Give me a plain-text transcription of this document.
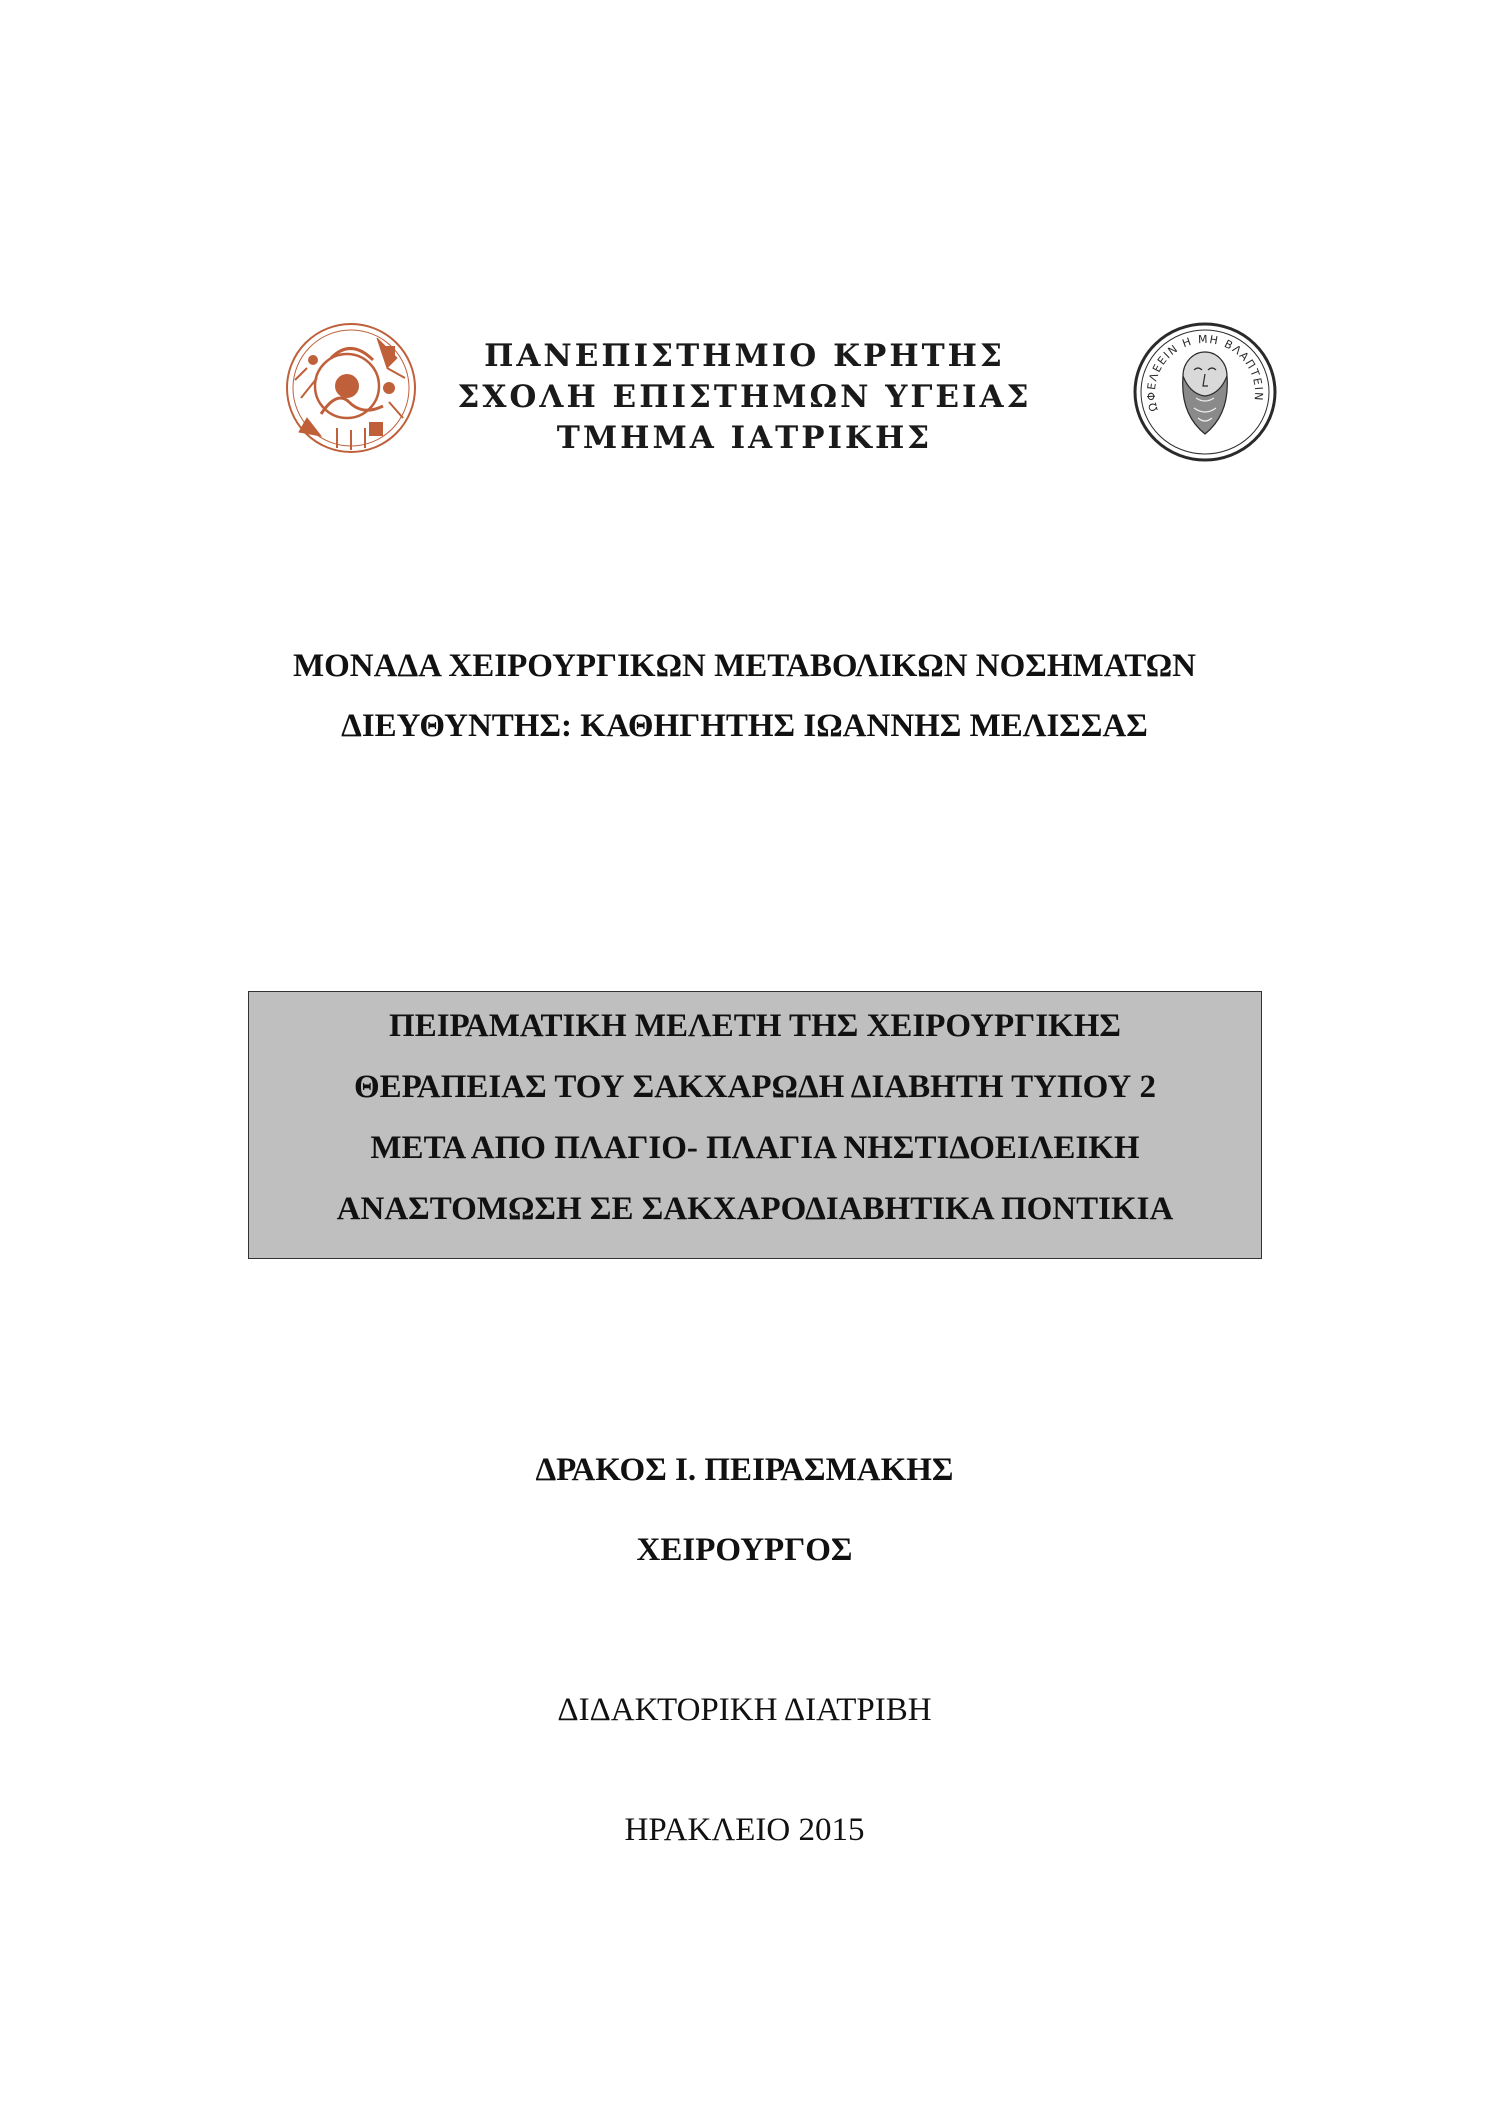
ΠΑΝΕΠΙΣΤΗΜΙΟ ΚΡΗΤΗΣ
ΣΧΟΛΗ ΕΠΙΣΤΗΜΩΝ ΥΓΕΙΑΣ
ΤΜΗΜΑ ΙΑΤΡΙΚΗΣ
ΩΦΕΛΕΕΙΝ Η ΜΗ ΒΛΑΠΤΕΙΝ
ΜΟΝΑΔΑ ΧΕΙΡΟΥΡΓΙΚΩΝ ΜΕΤΑΒΟΛΙΚΩΝ ΝΟΣΗΜΑΤΩΝ
ΔΙΕΥΘΥΝΤΗΣ: ΚΑΘΗΓΗΤΗΣ ΙΩΑΝΝΗΣ ΜΕΛΙΣΣΑΣ
ΠΕΙΡΑΜΑΤΙΚΗ ΜΕΛΕΤΗ ΤΗΣ ΧΕΙΡΟΥΡΓΙΚΗΣ
ΘΕΡΑΠΕΙΑΣ ΤΟΥ ΣΑΚΧΑΡΩΔΗ ΔΙΑΒΗΤΗ ΤΥΠΟΥ 2
ΜΕΤΑ ΑΠΟ ΠΛΑΓΙΟ- ΠΛΑΓΙΑ ΝΗΣΤΙΔΟΕΙΛΕΙΚΗ
ΑΝΑΣΤΟΜΩΣΗ ΣΕ ΣΑΚΧΑΡΟΔΙΑΒΗΤΙΚΑ ΠΟΝΤΙΚΙΑ
ΔΡΑΚΟΣ Ι. ΠΕΙΡΑΣΜΑΚΗΣ
ΧΕΙΡΟΥΡΓΟΣ
ΔΙΔΑΚΤΟΡΙΚΗ ΔΙΑΤΡΙΒΗ
ΗΡΑΚΛΕΙΟ 2015
